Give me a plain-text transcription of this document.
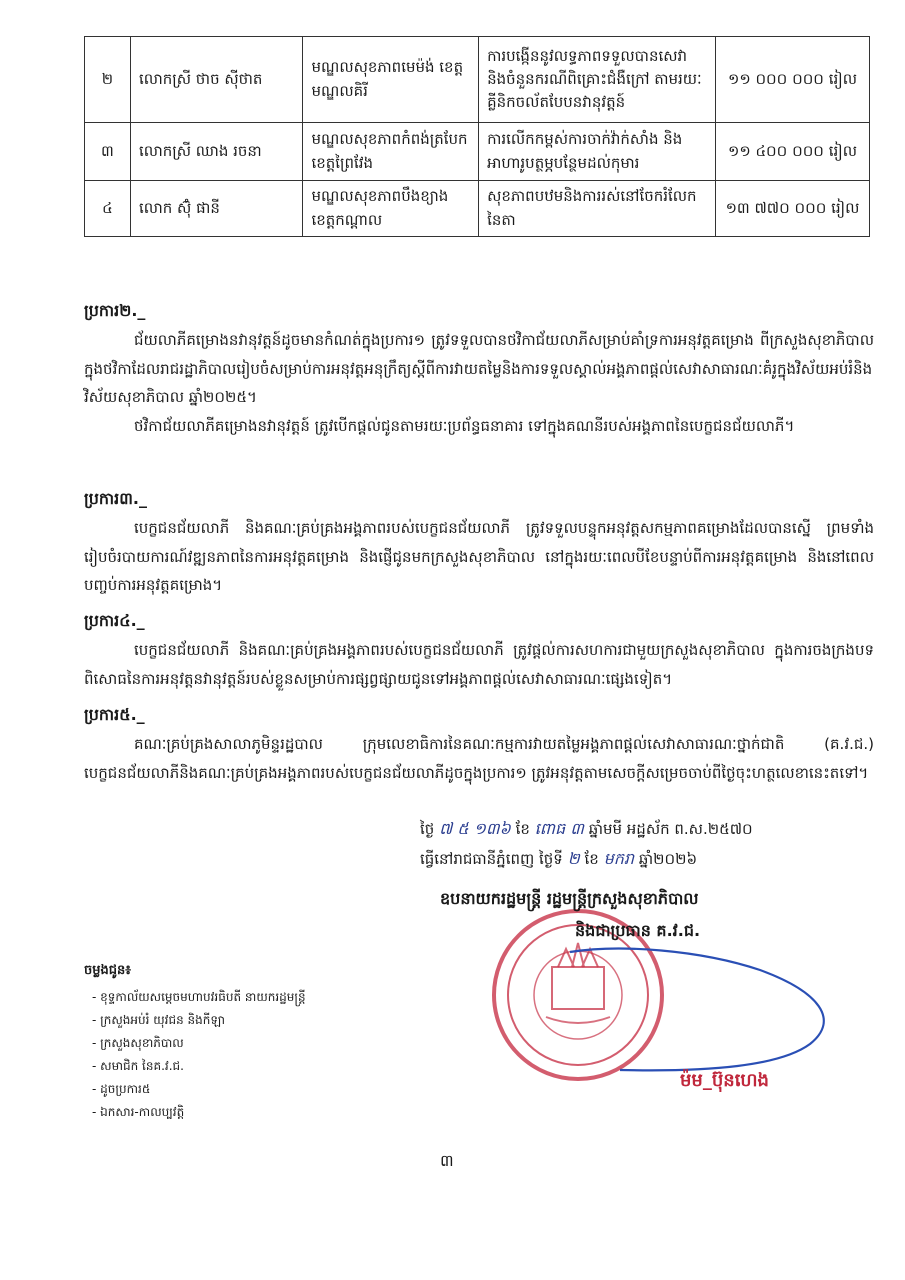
២	លោកស្រី ថាច ស៊ីថាត	មណ្ឌលសុខភាពមេម៉ង់ ខេត្តមណ្ឌលគិរី	ការបង្កើននូវលទ្ធភាពទទួលបានសេវា និងចំនួនករណីពិគ្រោះជំងឺក្រៅ តាមរយៈគ្លីនិកចល័តបែបនវានុវត្តន៍	១១ ០០០ ០០០ រៀល
៣	លោកស្រី ឈាង រចនា	មណ្ឌលសុខភាពកំពង់ត្របែក ខេត្តព្រៃវែង	ការលើកកម្ពស់ការចាក់វ៉ាក់សាំង និងអាហារូបត្ថម្ភបន្ថែមដល់កុមារ	១១ ៤០០ ០០០ រៀល
៤	លោក ស៊ុំ ផានី	មណ្ឌលសុខភាពបឹងខ្យាង ខេត្តកណ្ដាល	សុខភាពបឋមនិងការរស់នៅចែករំលែកនៃតា	១៣ ៧៧០ ០០០ រៀល
ប្រការ២._
ជ័យលាភីគម្រោងនវានុវត្តន៍ដូចមានកំណត់ក្នុងប្រការ១ ត្រូវទទួលបានថវិកាជ័យលាភីសម្រាប់គាំទ្រការអនុវត្តគម្រោង ពីក្រសួងសុខាភិបាល ក្នុងថវិកាដែលរាជរដ្ឋាភិបាលរៀបចំសម្រាប់ការអនុវត្តអនុក្រឹត្យស្ដីពីការវាយតម្លៃនិងការទទួលស្គាល់អង្គភាពផ្ដល់សេវាសាធារណៈគំរូក្នុងវិស័យអប់រំនិងវិស័យសុខាភិបាល ឆ្នាំ២០២៥។
ថវិកាជ័យលាភីគម្រោងនវានុវត្តន៍ ត្រូវបើកផ្ដល់ជូនតាមរយៈប្រព័ន្ធធនាគារ ទៅក្នុងគណនីរបស់អង្គភាពនៃបេក្ខជនជ័យលាភី។
ប្រការ៣._
បេក្ខជនជ័យលាភី និងគណៈគ្រប់គ្រងអង្គភាពរបស់បេក្ខជនជ័យលាភី ត្រូវទទួលបន្ទុកអនុវត្តសកម្មភាពគម្រោងដែលបានស្នើ ព្រមទាំងរៀបចំរបាយការណ៍វឌ្ឍនភាពនៃការអនុវត្តគម្រោង និងផ្ញើជូនមកក្រសួងសុខាភិបាល នៅក្នុងរយៈពេលបីខែបន្ទាប់ពីការអនុវត្តគម្រោង និងនៅពេលបញ្ចប់ការអនុវត្តគម្រោង។
ប្រការ៤._
បេក្ខជនជ័យលាភី និងគណៈគ្រប់គ្រងអង្គភាពរបស់បេក្ខជនជ័យលាភី ត្រូវផ្ដល់ការសហការជាមួយក្រសួងសុខាភិបាល ក្នុងការចងក្រងបទពិសោធនៃការអនុវត្តនវានុវត្តន៍របស់ខ្លួនសម្រាប់ការផ្សព្វផ្សាយជូនទៅអង្គភាពផ្ដល់សេវាសាធារណៈផ្សេងទៀត។
ប្រការ៥._
គណៈគ្រប់គ្រងសាលាភូមិន្ទរដ្ឋបាល ក្រុមលេខាធិការនៃគណៈកម្មការវាយតម្លៃអង្គភាពផ្ដល់សេវាសាធារណៈថ្នាក់ជាតិ (គ.វ.ជ.) បេក្ខជនជ័យលាភីនិងគណៈគ្រប់គ្រងអង្គភាពរបស់បេក្ខជនជ័យលាភីដូចក្នុងប្រការ១ ត្រូវអនុវត្តតាមសេចក្ដីសម្រេចចាប់ពីថ្ងៃចុះហត្ថលេខានេះតទៅ។
ថ្ងៃ ៧ ៥ ១៣៦ ខែ ពោធ ៣ ឆ្នាំមមី អដ្ឋស័ក ព.ស.២៥៧០
ធ្វើនៅរាជធានីភ្នំពេញ ថ្ងៃទី ២ ខែ មករា ឆ្នាំ២០២៦
ឧបនាយករដ្ឋមន្ត្រី រដ្ឋមន្ត្រីក្រសួងសុខាភិបាល
និងជាប្រធាន គ.វ.ជ.
ម៉ម_ប៊ុនហេង
ចម្លងជូន៖
- ខុទ្ទកាល័យសម្ដេចមហាបវរធិបតី នាយករដ្ឋមន្ត្រី
- ក្រសួងអប់រំ យុវជន និងកីឡា
- ក្រសួងសុខាភិបាល
- សមាជិក នៃគ.វ.ជ.
- ដូចប្រការ៥
- ឯកសារ-កាលប្បវត្តិ
៣
